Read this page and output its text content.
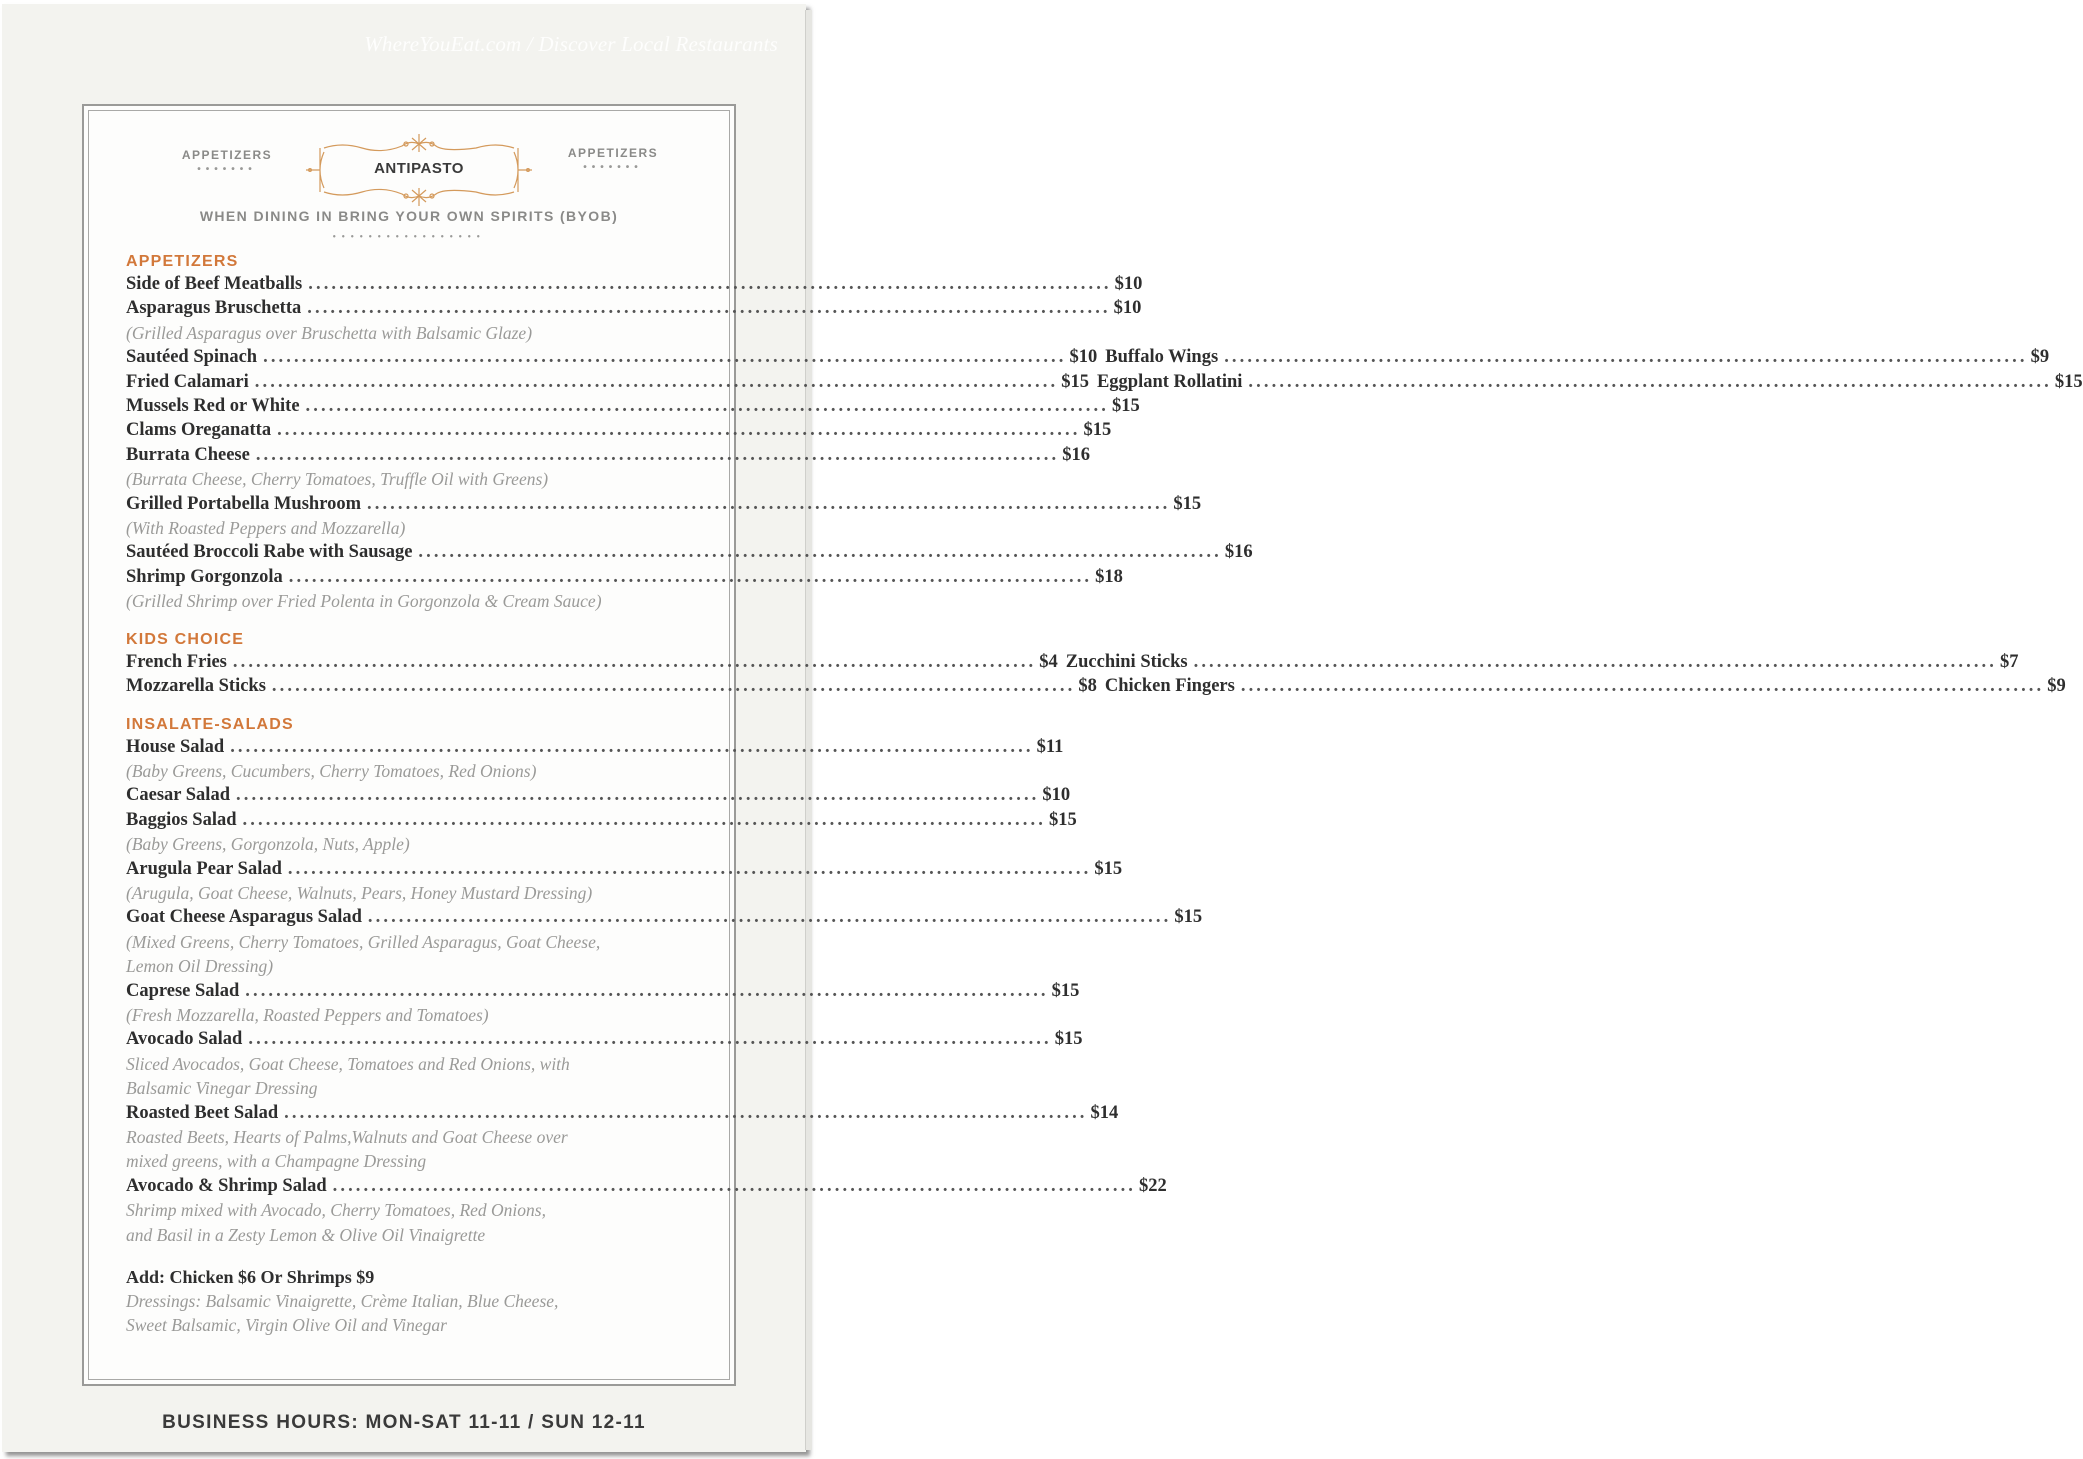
WhereYouEat.com / Discover Local Restaurants
APPETIZERS
•••••••	ANTIPASTO
APPETIZERS
•••••••
WHEN DINING IN BRING YOUR OWN SPIRITS (BYOB)
•••••••••••••••••
APPETIZERS
Side of Beef Meatballs .....	$10
Asparagus Bruschetta .....	$10

(Grilled Asparagus over Bruschetta with Balsamic Glaze)

Sautéed Spinach .....	$10 Buffalo Wings .....	$9
Fried Calamari .....	$15 Eggplant Rollatini .....	$15
Mussels Red or White .....	$15
Clams Oreganatta .....	$15
Burrata Cheese .....	$16

(Burrata Cheese, Cherry Tomatoes, Truffle Oil with Greens)

Grilled Portabella Mushroom .....	$15

(With Roasted Peppers and Mozzarella)

Sautéed Broccoli Rabe with Sausage .....	$16
Shrimp Gorgonzola .....	$18

(Grilled Shrimp over Fried Polenta in Gorgonzola & Cream Sauce)

KIDS CHOICE
French Fries .....	$4 Zucchini Sticks .....	$7
Mozzarella Sticks .....	$8 Chicken Fingers .....	$9
INSALATE-SALADS
House Salad .....	$11

(Baby Greens, Cucumbers, Cherry Tomatoes, Red Onions)

Caesar Salad .....	$10
Baggios Salad .....	$15

(Baby Greens, Gorgonzola, Nuts, Apple)

Arugula Pear Salad .....	$15

(Arugula, Goat Cheese, Walnuts, Pears, Honey Mustard Dressing)

Goat Cheese Asparagus Salad .....	$15

(Mixed Greens, Cherry Tomatoes, Grilled Asparagus, Goat Cheese,

Lemon Oil Dressing)

Caprese Salad .....	$15

(Fresh Mozzarella, Roasted Peppers and Tomatoes)

Avocado Salad .....	$15

Sliced Avocados, Goat Cheese, Tomatoes and Red Onions, with

Balsamic Vinegar Dressing

Roasted Beet Salad .....	$14

Roasted Beets, Hearts of Palms,Walnuts and Goat Cheese over

mixed greens, with a Champagne Dressing

Avocado & Shrimp Salad .....	$22

Shrimp mixed with Avocado, Cherry Tomatoes, Red Onions,

and Basil in a Zesty Lemon & Olive Oil Vinaigrette

Add: Chicken $6 Or Shrimps $9

Dressings: Balsamic Vinaigrette, Crème Italian, Blue Cheese,

Sweet Balsamic, Virgin Olive Oil and Vinegar

BUSINESS HOURS: MON-SAT 11-11 / SUN 12-11
